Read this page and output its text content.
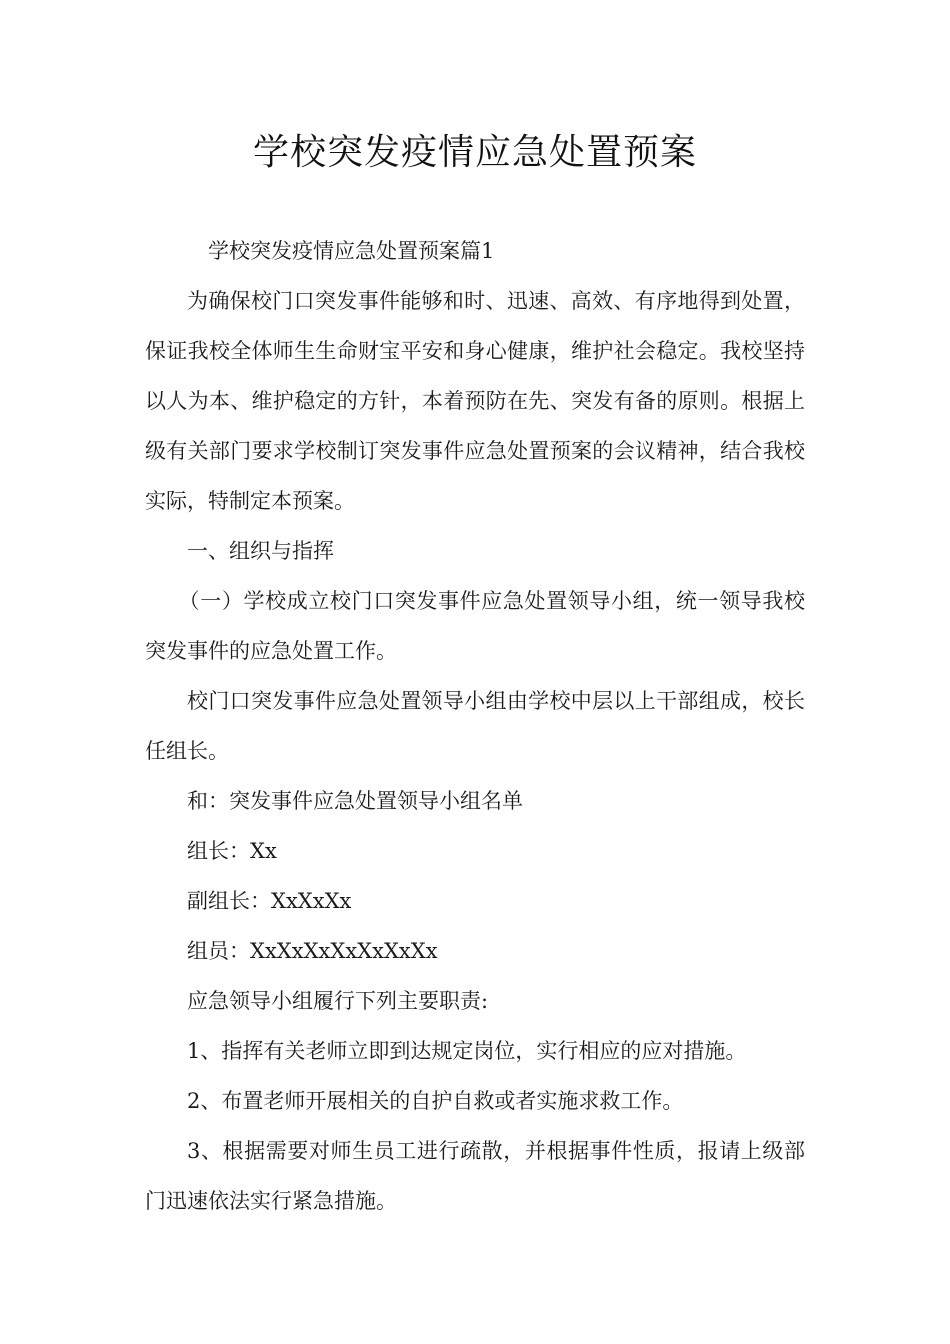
学校突发疫情应急处置预案

学校突发疫情应急处置预案篇1

为确保校门口突发事件能够和时、迅速、高效、有序地得到处置，保证我校全体师生生命财宝平安和身心健康，维护社会稳定。我校坚持以人为本、维护稳定的方针，本着预防在先、突发有备的原则。根据上级有关部门要求学校制订突发事件应急处置预案的会议精神，结合我校实际，特制定本预案。

一、组织与指挥

（一）学校成立校门口突发事件应急处置领导小组，统一领导我校突发事件的应急处置工作。

校门口突发事件应急处置领导小组由学校中层以上干部组成，校长任组长。

和：突发事件应急处置领导小组名单

组长：Xx

副组长：XxXxXx

组员：XxXxXxXxXxXxXx

应急领导小组履行下列主要职责:

1、指挥有关老师立即到达规定岗位，实行相应的应对措施。

2、布置老师开展相关的自护自救或者实施求救工作。

3、根据需要对师生员工进行疏散，并根据事件性质，报请上级部门迅速依法实行紧急措施。
